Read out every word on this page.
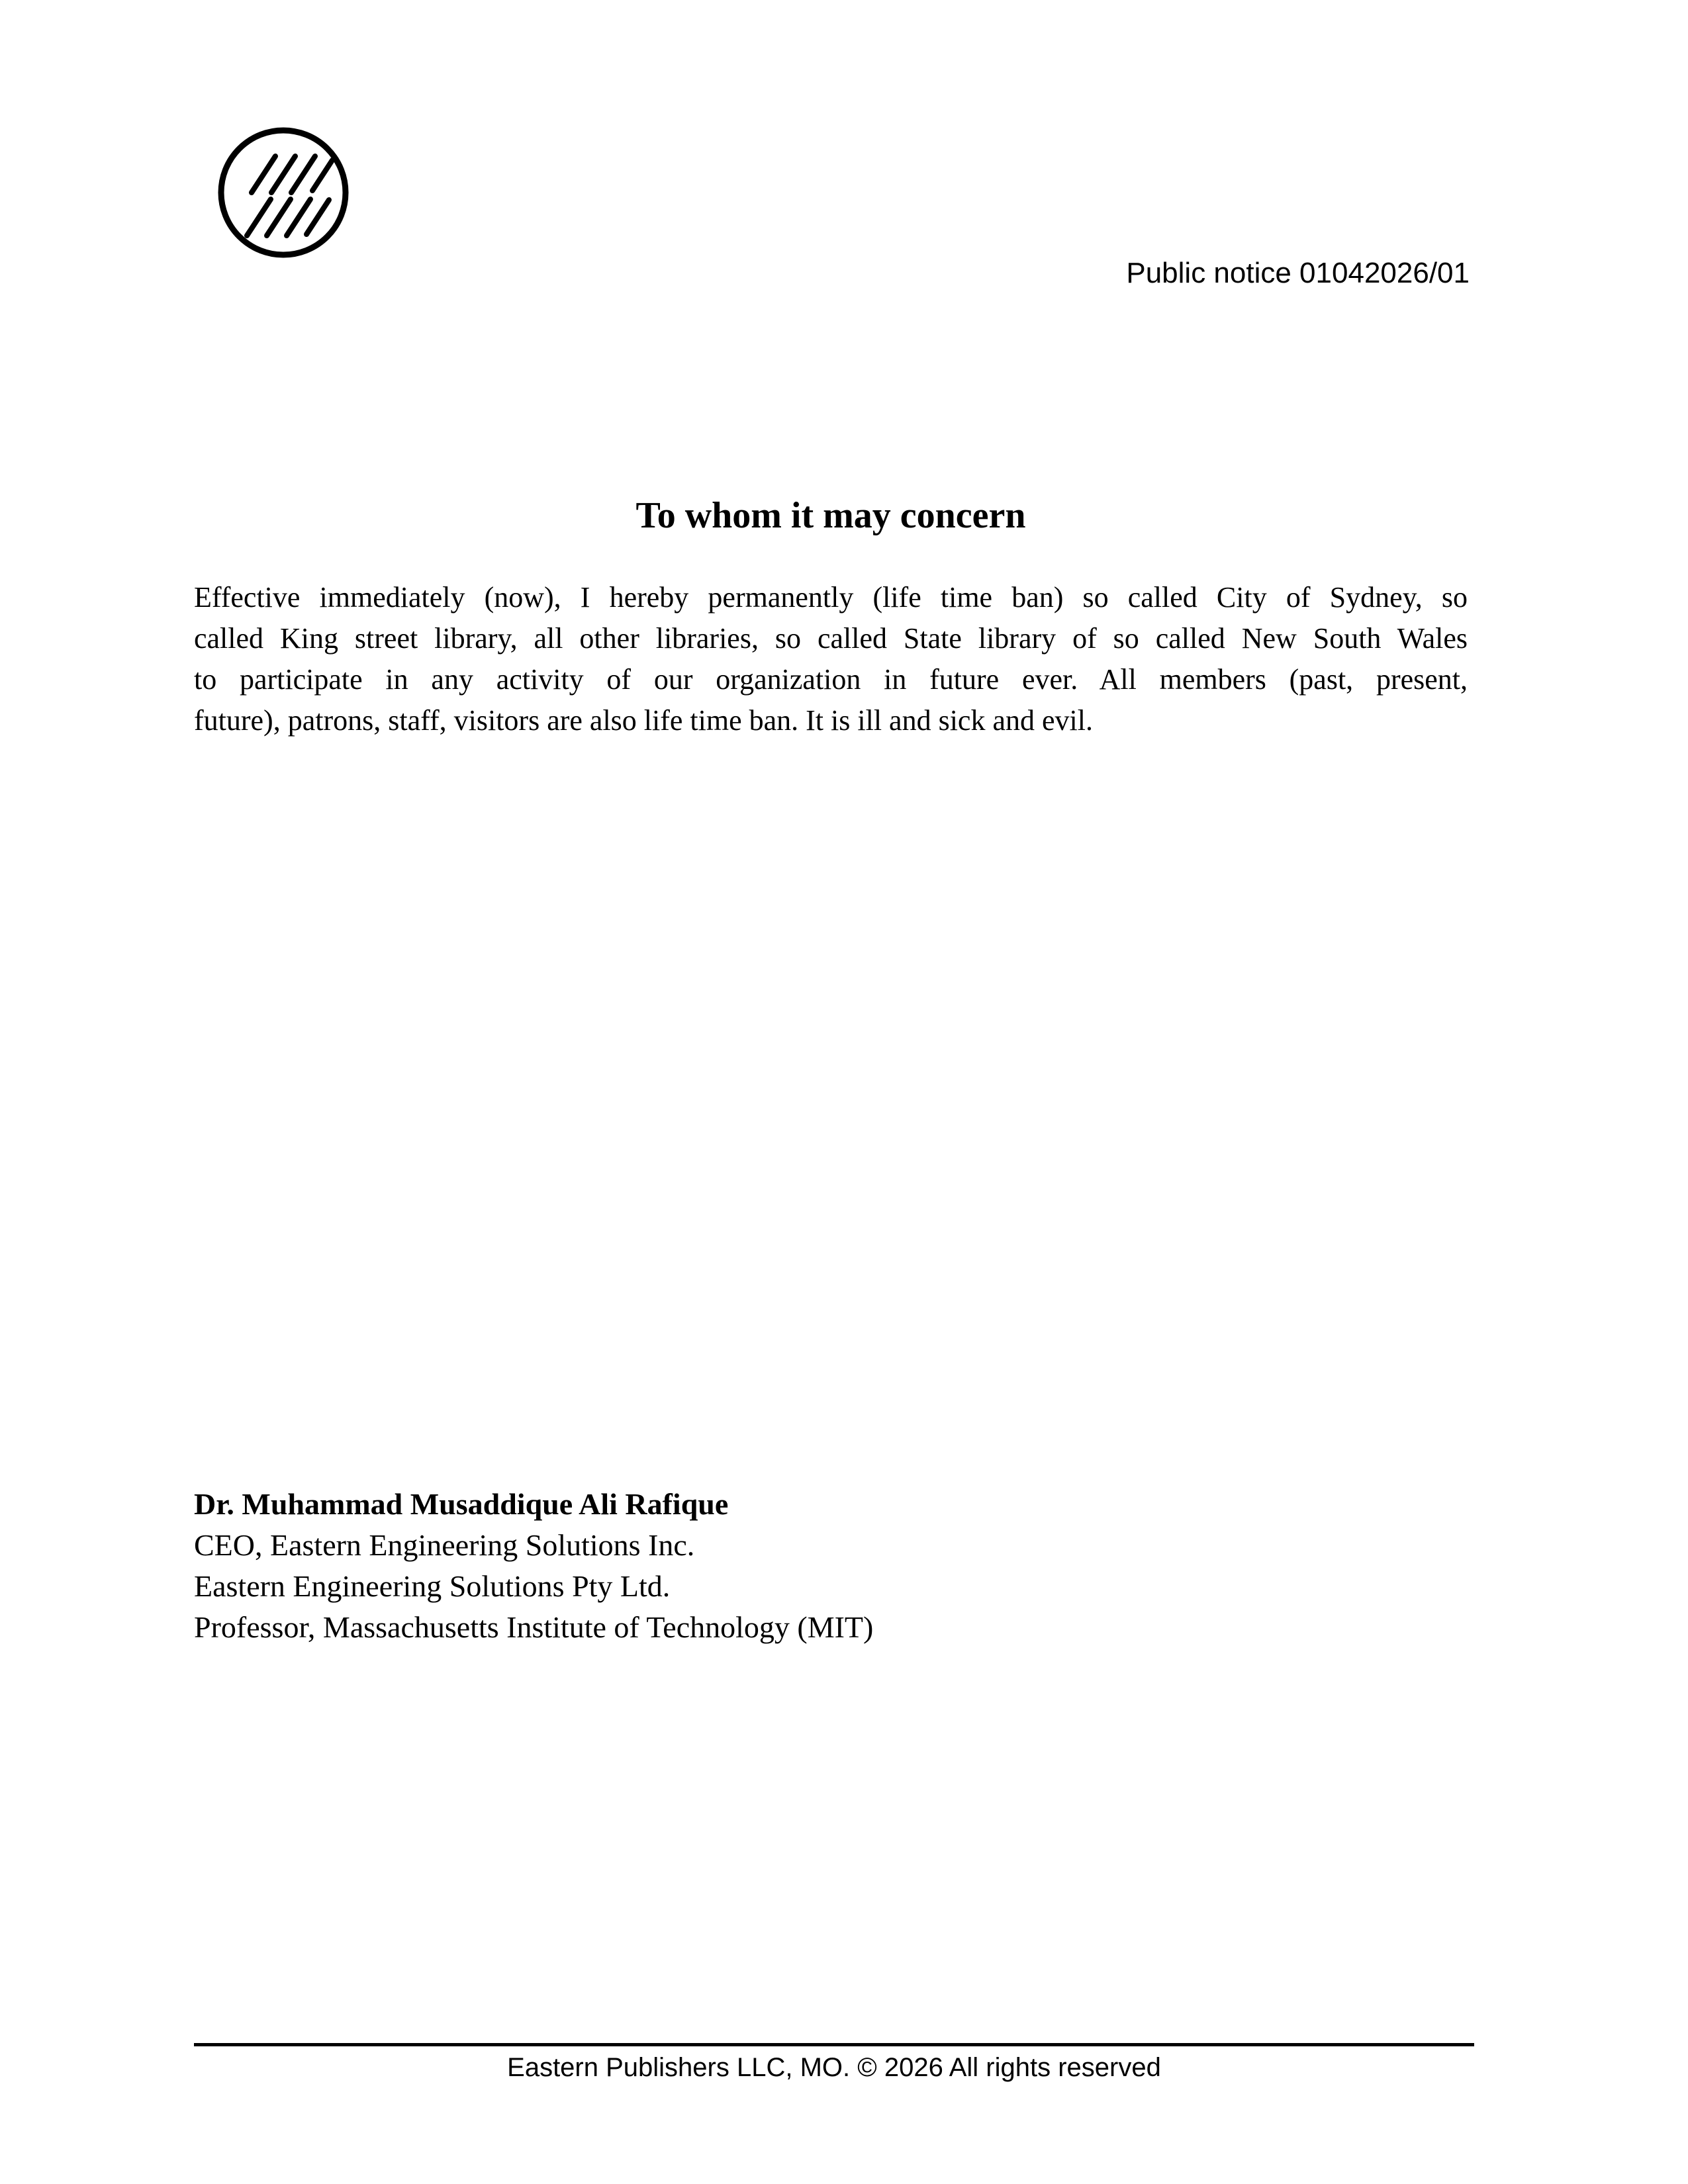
Public notice 01042026/01
To whom it may concern
Effective immediately (now), I hereby permanently (life time ban) so called City of Sydney, so
called King street library, all other libraries, so called State library of so called New South Wales
to participate in any activity of our organization in future ever. All members (past, present,
future), patrons, staff, visitors are also life time ban. It is ill and sick and evil.
Dr. Muhammad Musaddique Ali Rafique
CEO, Eastern Engineering Solutions Inc.
Eastern Engineering Solutions Pty Ltd.
Professor, Massachusetts Institute of Technology (MIT)
Eastern Publishers LLC, MO. © 2026 All rights reserved
